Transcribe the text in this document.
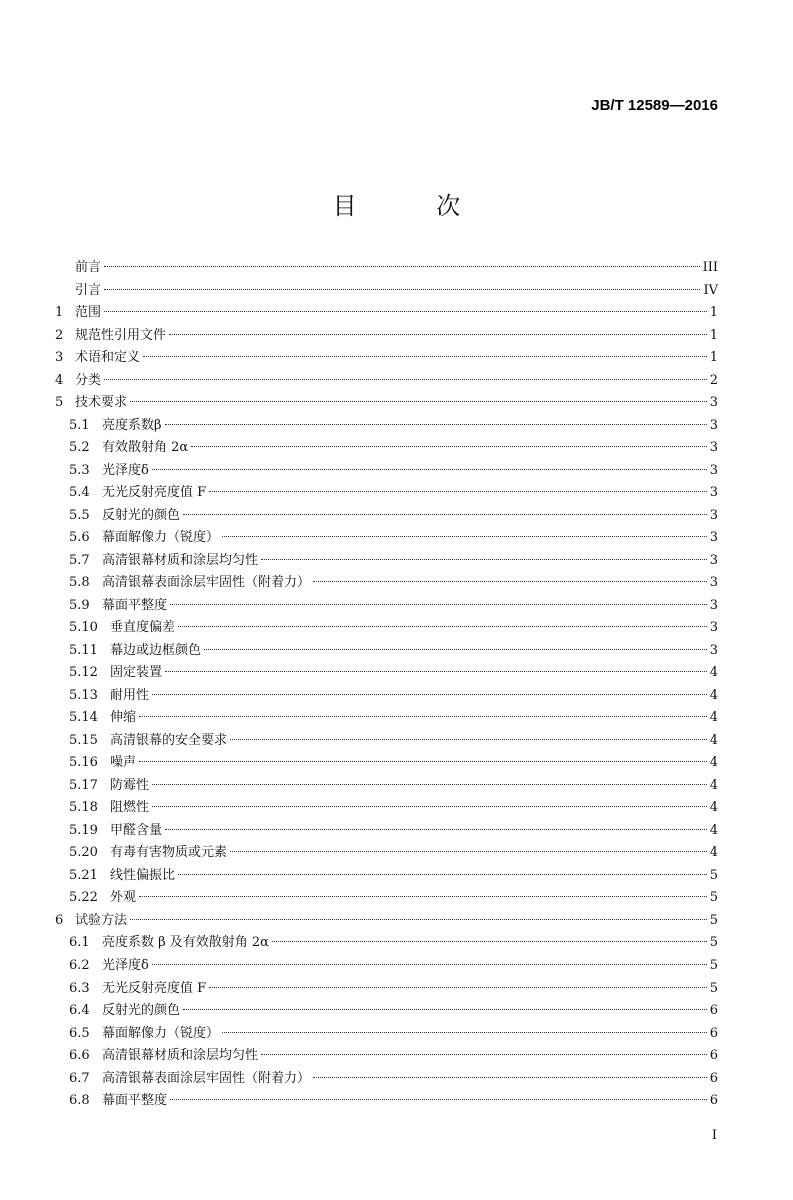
JB/T 12589—2016
目 次
前言	III
引言	IV
1 范围	1
2 规范性引用文件	1
3 术语和定义	1
4 分类	2
5 技术要求	3
5.1 亮度系数β	3
5.2 有效散射角 2α	3
5.3 光泽度δ	3
5.4 无光反射亮度值 F	3
5.5 反射光的颜色	3
5.6 幕面解像力（锐度）	3
5.7 高清银幕材质和涂层均匀性	3
5.8 高清银幕表面涂层牢固性（附着力）	3
5.9 幕面平整度	3
5.10 垂直度偏差	3
5.11 幕边或边框颜色	3
5.12 固定装置	4
5.13 耐用性	4
5.14 伸缩	4
5.15 高清银幕的安全要求	4
5.16 噪声	4
5.17 防霉性	4
5.18 阻燃性	4
5.19 甲醛含量	4
5.20 有毒有害物质或元素	4
5.21 线性偏振比	5
5.22 外观	5
6 试验方法	5
6.1 亮度系数 β 及有效散射角 2α	5
6.2 光泽度δ	5
6.3 无光反射亮度值 F	5
6.4 反射光的颜色	6
6.5 幕面解像力（锐度）	6
6.6 高清银幕材质和涂层均匀性	6
6.7 高清银幕表面涂层牢固性（附着力）	6
6.8 幕面平整度	6
I
